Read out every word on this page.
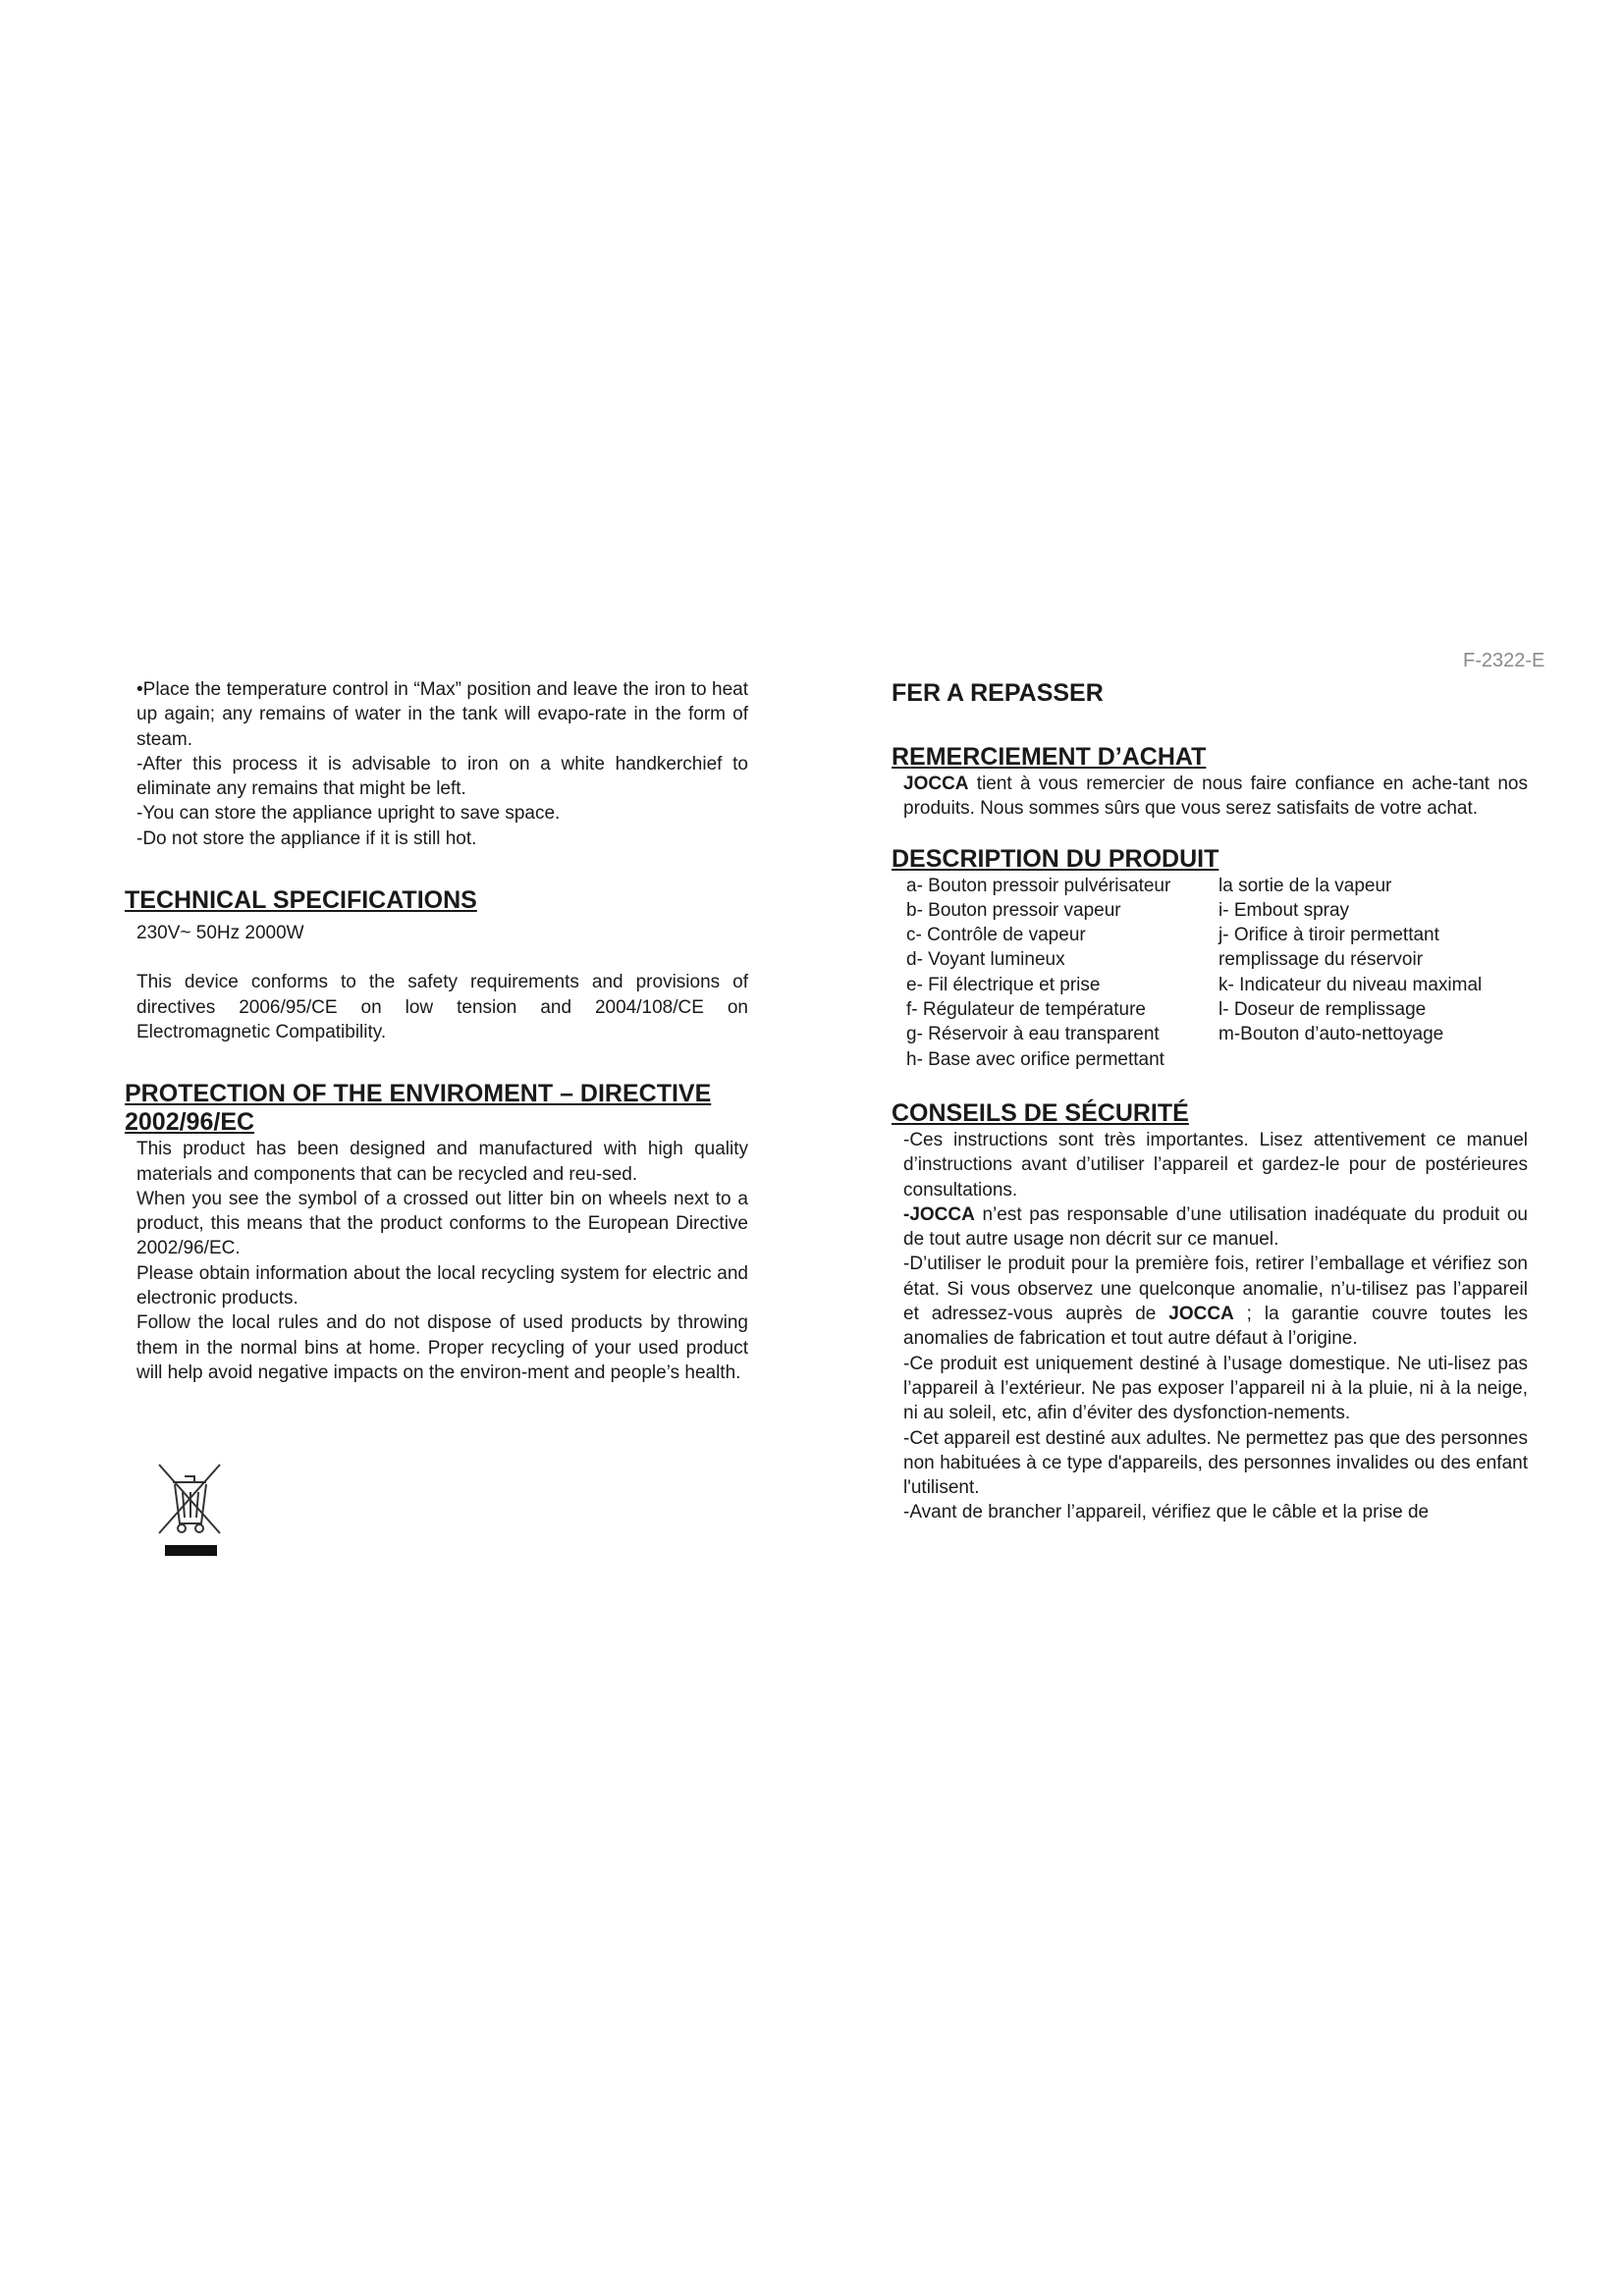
F-2322-E

•Place the temperature control in “Max” position and leave the iron to heat up again; any remains of water in the tank will evapo-rate in the form of steam.

-After this process it is advisable to iron on a white handkerchief to eliminate any remains that might be left.

-You can store the appliance upright to save space.

-Do not store the appliance if it is still hot.

TECHNICAL SPECIFICATIONS

230V~ 50Hz 2000W

This device conforms to the safety requirements and provisions of directives 2006/95/CE on low tension and 2004/108/CE on Electromagnetic Compatibility.

PROTECTION OF THE ENVIROMENT – DIRECTIVE 2002/96/EC

This product has been designed and manufactured with high quality materials and components that can be recycled and reu-sed.

When you see the symbol of a crossed out litter bin on wheels next to a product, this means that the product conforms to the European Directive 2002/96/EC.

Please obtain information about the local recycling system for electric and electronic products.

Follow the local rules and do not dispose of used products by throwing them in the normal bins at home. Proper recycling of your used product will help avoid negative impacts on the environ-ment and people’s health.

FER A REPASSER
REMERCIEMENT D’ACHAT

JOCCA tient à vous remercier de nous faire confiance en ache-tant nos produits. Nous sommes sûrs que vous serez satisfaits de votre achat.

DESCRIPTION DU PRODUIT
a- Bouton pressoir pulvérisateur
b- Bouton pressoir vapeur
c- Contrôle de vapeur
d- Voyant lumineux
e- Fil électrique et prise
f- Régulateur de température
g- Réservoir à eau transparent
h- Base avec orifice permettant
la sortie de la vapeur
i- Embout spray
j- Orifice à tiroir permettant
remplissage du réservoir
k- Indicateur du niveau maximal
l- Doseur de remplissage
m-Bouton d’auto-nettoyage
CONSEILS DE SÉCURITÉ

-Ces instructions sont très importantes. Lisez attentivement ce manuel d’instructions avant d’utiliser l’appareil et gardez-le pour de postérieures consultations.

-JOCCA n’est pas responsable d’une utilisation inadéquate du produit ou de tout autre usage non décrit sur ce manuel.

-D’utiliser le produit pour la première fois, retirer l’emballage et vérifiez son état. Si vous observez une quelconque anomalie, n’u-tilisez pas l’appareil et adressez-vous auprès de JOCCA ; la garantie couvre toutes les anomalies de fabrication et tout autre défaut à l’origine.

-Ce produit est uniquement destiné à l’usage domestique. Ne uti-lisez pas l’appareil à l’extérieur. Ne pas exposer l’appareil ni à la pluie, ni à la neige, ni au soleil, etc, afin d’éviter des dysfonction-nements.

-Cet appareil est destiné aux adultes. Ne permettez pas que des personnes non habituées à ce type d'appareils, des personnes invalides ou des enfant l'utilisent.

-Avant de brancher l’appareil, vérifiez que le câble et la prise de
